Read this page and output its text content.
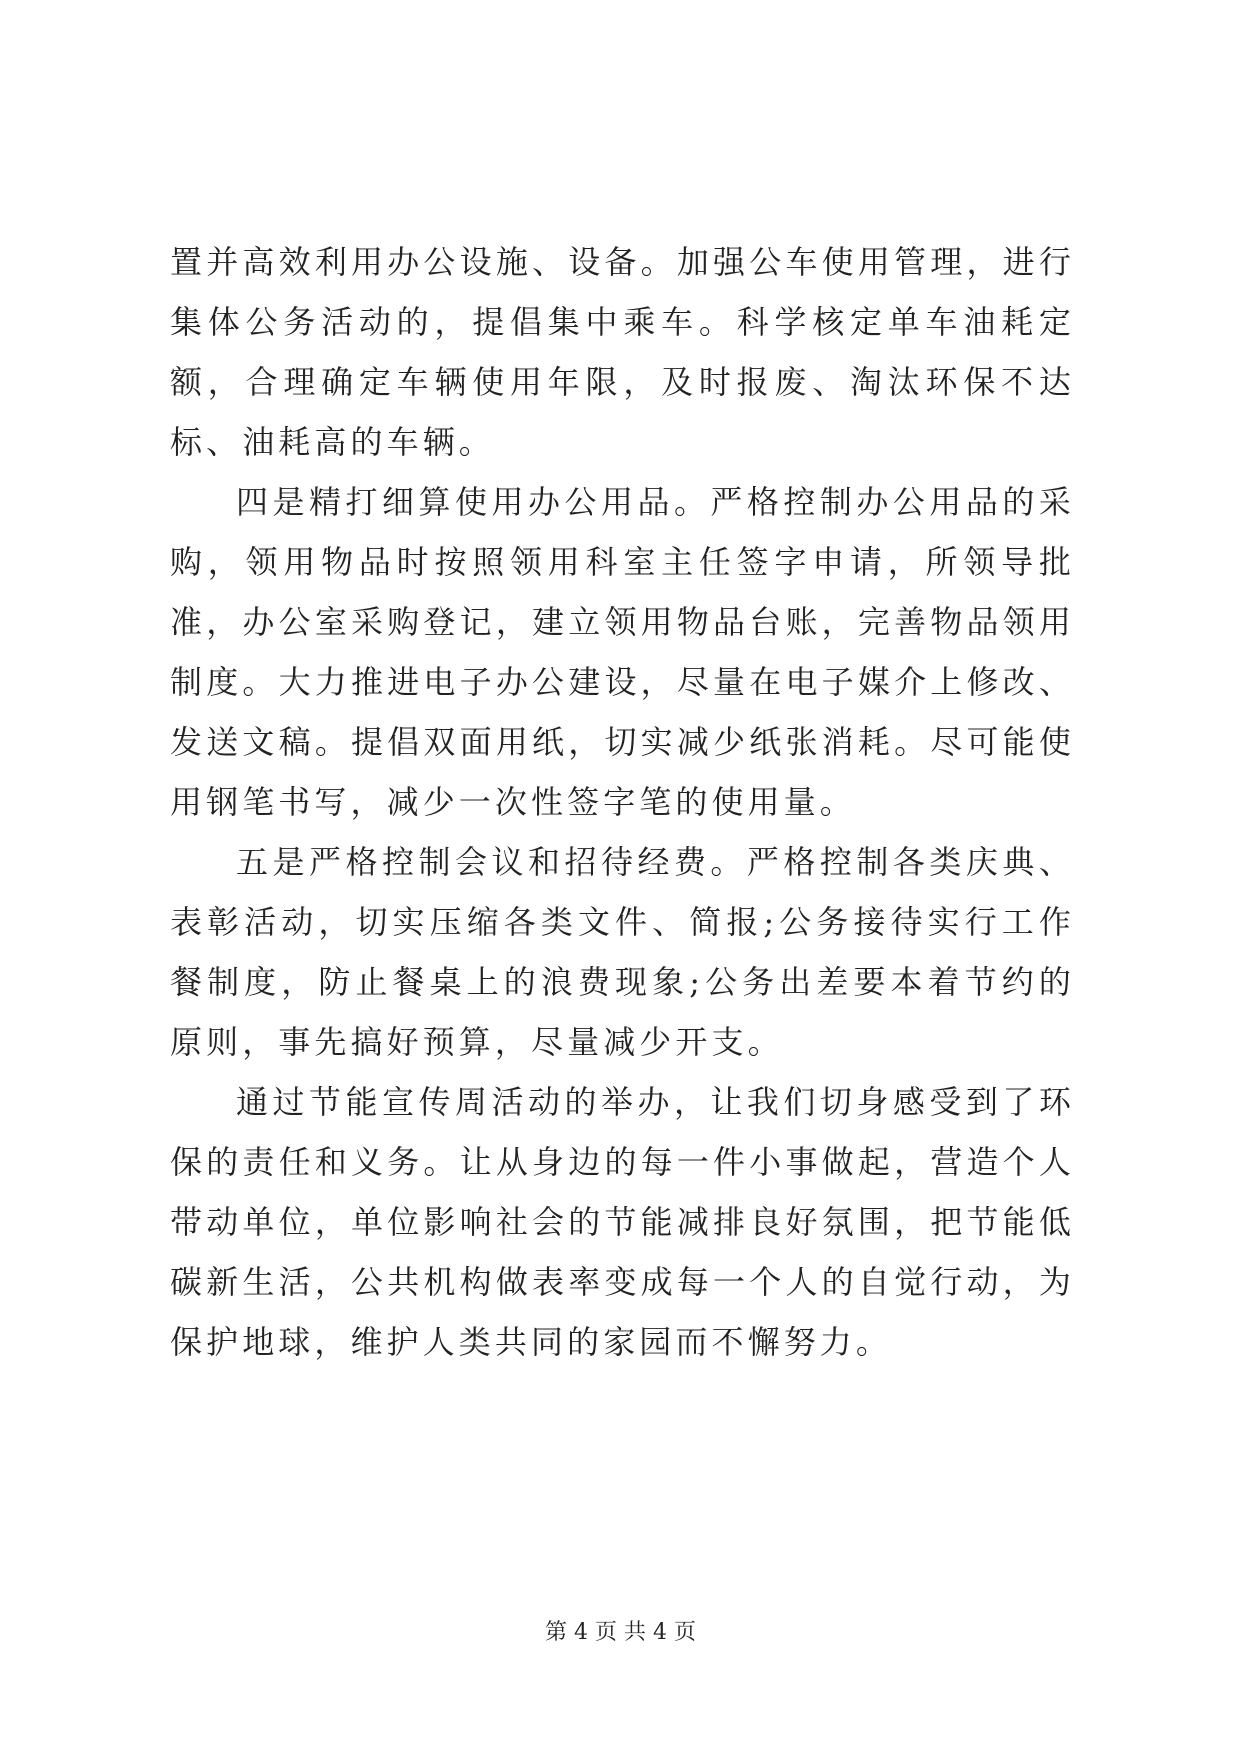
置并高效利用办公设施、设备。加强公车使用管理，进行集体公务活动的，提倡集中乘车。科学核定单车油耗定额，合理确定车辆使用年限，及时报废、淘汰环保不达标、油耗高的车辆。

四是精打细算使用办公用品。严格控制办公用品的采购，领用物品时按照领用科室主任签字申请，所领导批准，办公室采购登记，建立领用物品台账，完善物品领用制度。大力推进电子办公建设，尽量在电子媒介上修改、发送文稿。提倡双面用纸，切实减少纸张消耗。尽可能使用钢笔书写，减少一次性签字笔的使用量。

五是严格控制会议和招待经费。严格控制各类庆典、表彰活动，切实压缩各类文件、简报;公务接待实行工作餐制度，防止餐桌上的浪费现象;公务出差要本着节约的原则，事先搞好预算，尽量减少开支。

通过节能宣传周活动的举办，让我们切身感受到了环保的责任和义务。让从身边的每一件小事做起，营造个人带动单位，单位影响社会的节能减排良好氛围，把节能低碳新生活，公共机构做表率变成每一个人的自觉行动，为保护地球，维护人类共同的家园而不懈努力。

第 4 页 共 4 页
